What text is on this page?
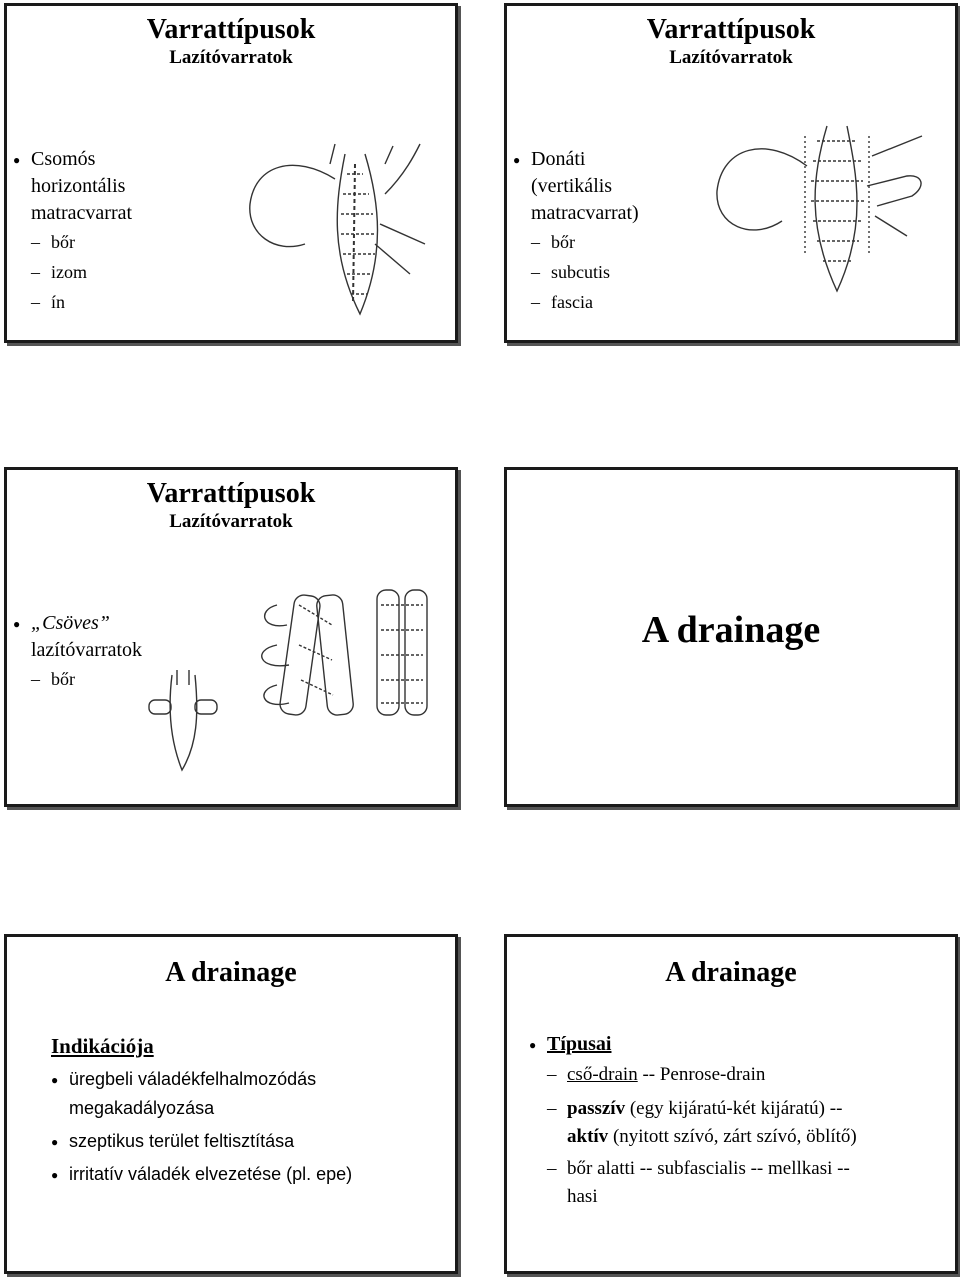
Varrattípusok
Lazítóvarratok
● Csomós
horizontális
matracvarrat
– bőr
– izom
– ín
Varrattípusok
Lazítóvarratok
● Donáti
(vertikális
matracvarrat)
– bőr
– subcutis
– fascia
Varrattípusok
Lazítóvarratok
● „Csöves”
lazítóvarratok
– bőr
A drainage
A drainage
Indikációja
● üregbeli váladékfelhalmozódás
megakadályozása
● szeptikus terület feltisztítása
● irritatív váladék elvezetése (pl. epe)
A drainage
● Típusai
– cső-drain -- Penrose-drain
– passzív (egy kijáratú-két kijáratú) --
aktív (nyitott szívó, zárt szívó, öblítő)
– bőr alatti -- subfascialis -- mellkasi --
hasi
